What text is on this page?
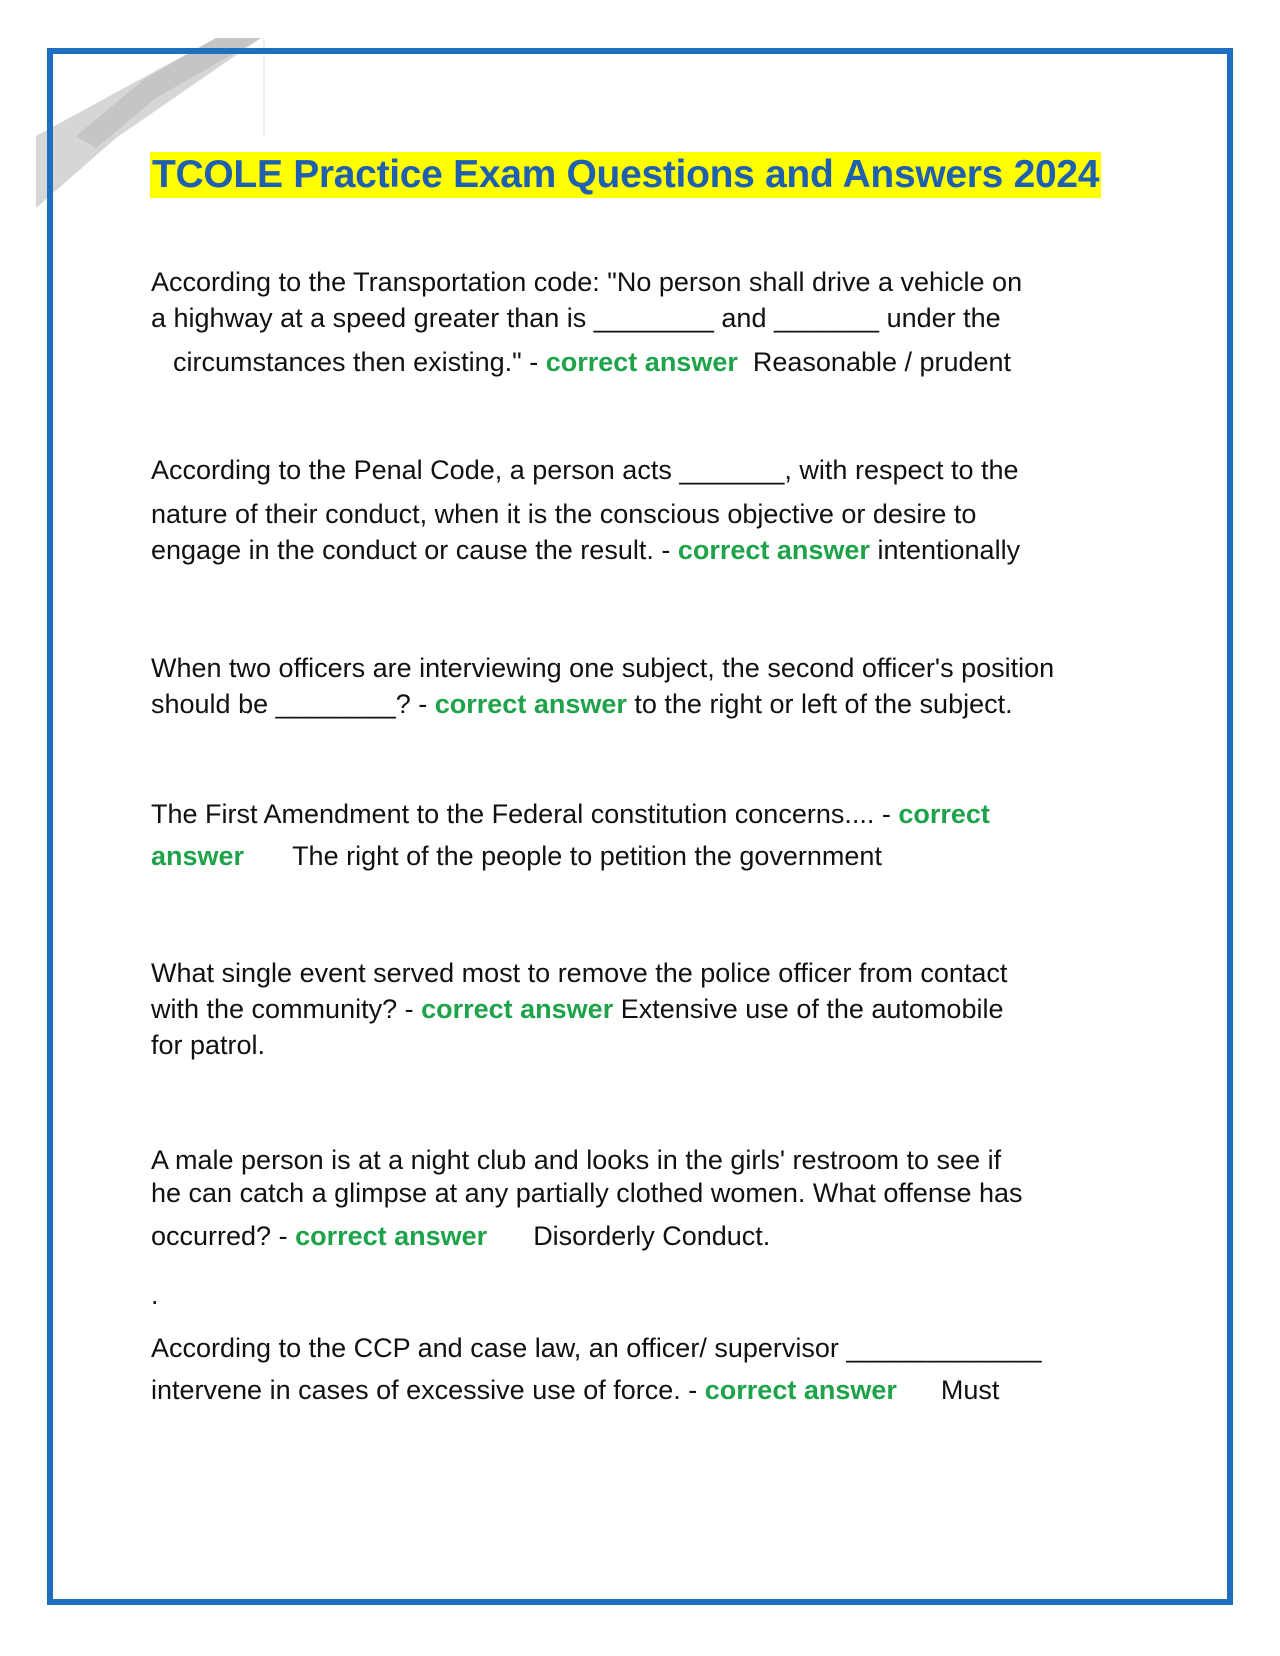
TCOLE Practice Exam Questions and Answers 2024
According to the Transportation code: "No person shall drive a vehicle on
a highway at a speed greater than is ________ and _______ under the
circumstances then existing." - correct answer Reasonable / prudent
According to the Penal Code, a person acts _______, with respect to the
nature of their conduct, when it is the conscious objective or desire to
engage in the conduct or cause the result. - correct answer intentionally
When two officers are interviewing one subject, the second officer's position
should be ________? - correct answer to the right or left of the subject.
The First Amendment to the Federal constitution concerns.... - correct
answer The right of the people to petition the government
What single event served most to remove the police officer from contact
with the community? - correct answer Extensive use of the automobile
for patrol.
A male person is at a night club and looks in the girls' restroom to see if
he can catch a glimpse at any partially clothed women. What offense has
occurred? - correct answer Disorderly Conduct.
.
According to the CCP and case law, an officer/ supervisor _____________
intervene in cases of excessive use of force. - correct answer Must
